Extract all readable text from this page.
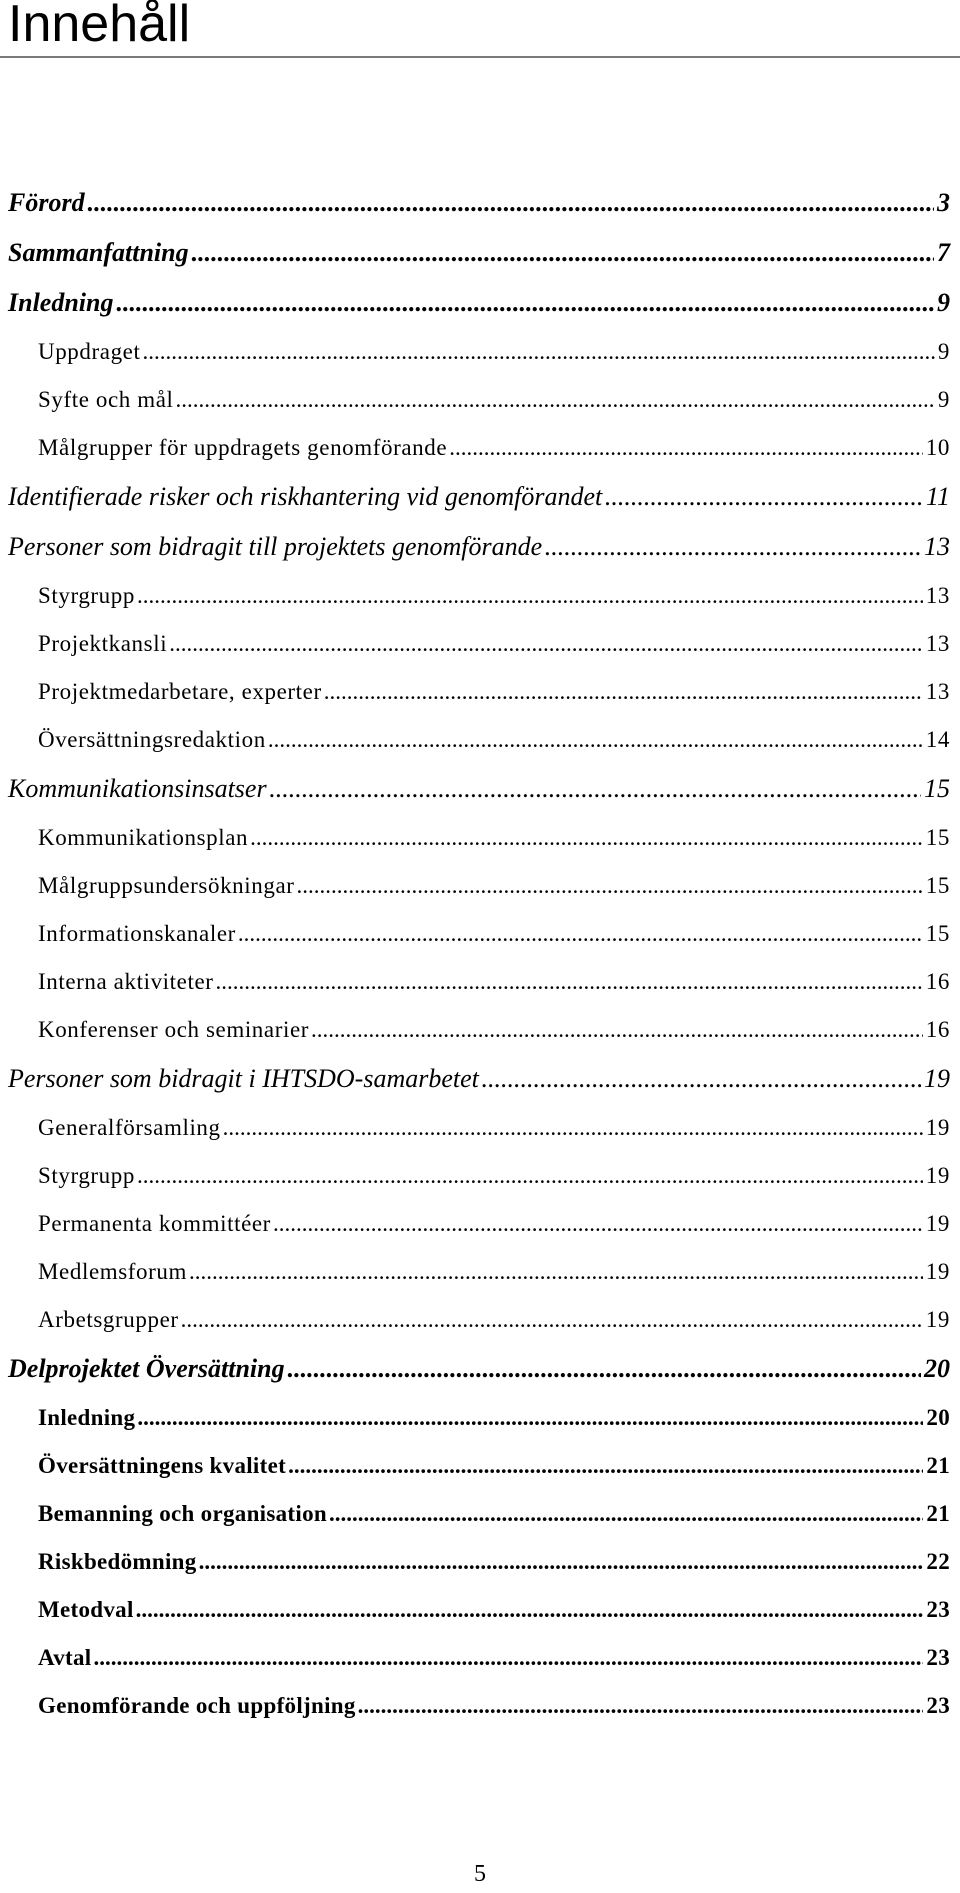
Innehåll
Förord .....	3
Sammanfattning .....	7
Inledning .....	9
Uppdraget .....	9
Syfte och mål .....	9
Målgrupper för uppdragets genomförande .....	10
Identifierade risker och riskhantering vid genomförandet .....	11
Personer som bidragit till projektets genomförande .....	13
Styrgrupp .....	13
Projektkansli .....	13
Projektmedarbetare, experter .....	13
Översättningsredaktion .....	14
Kommunikationsinsatser .....	15
Kommunikationsplan .....	15
Målgruppsundersökningar .....	15
Informationskanaler .....	15
Interna aktiviteter .....	16
Konferenser och seminarier .....	16
Personer som bidragit i IHTSDO-samarbetet .....	19
Generalförsamling .....	19
Styrgrupp .....	19
Permanenta kommittéer .....	19
Medlemsforum .....	19
Arbetsgrupper .....	19
Delprojektet Översättning .....	20
Inledning .....	20
Översättningens kvalitet .....	21
Bemanning och organisation .....	21
Riskbedömning .....	22
Metodval .....	23
Avtal .....	23
Genomförande och uppföljning .....	23
5
